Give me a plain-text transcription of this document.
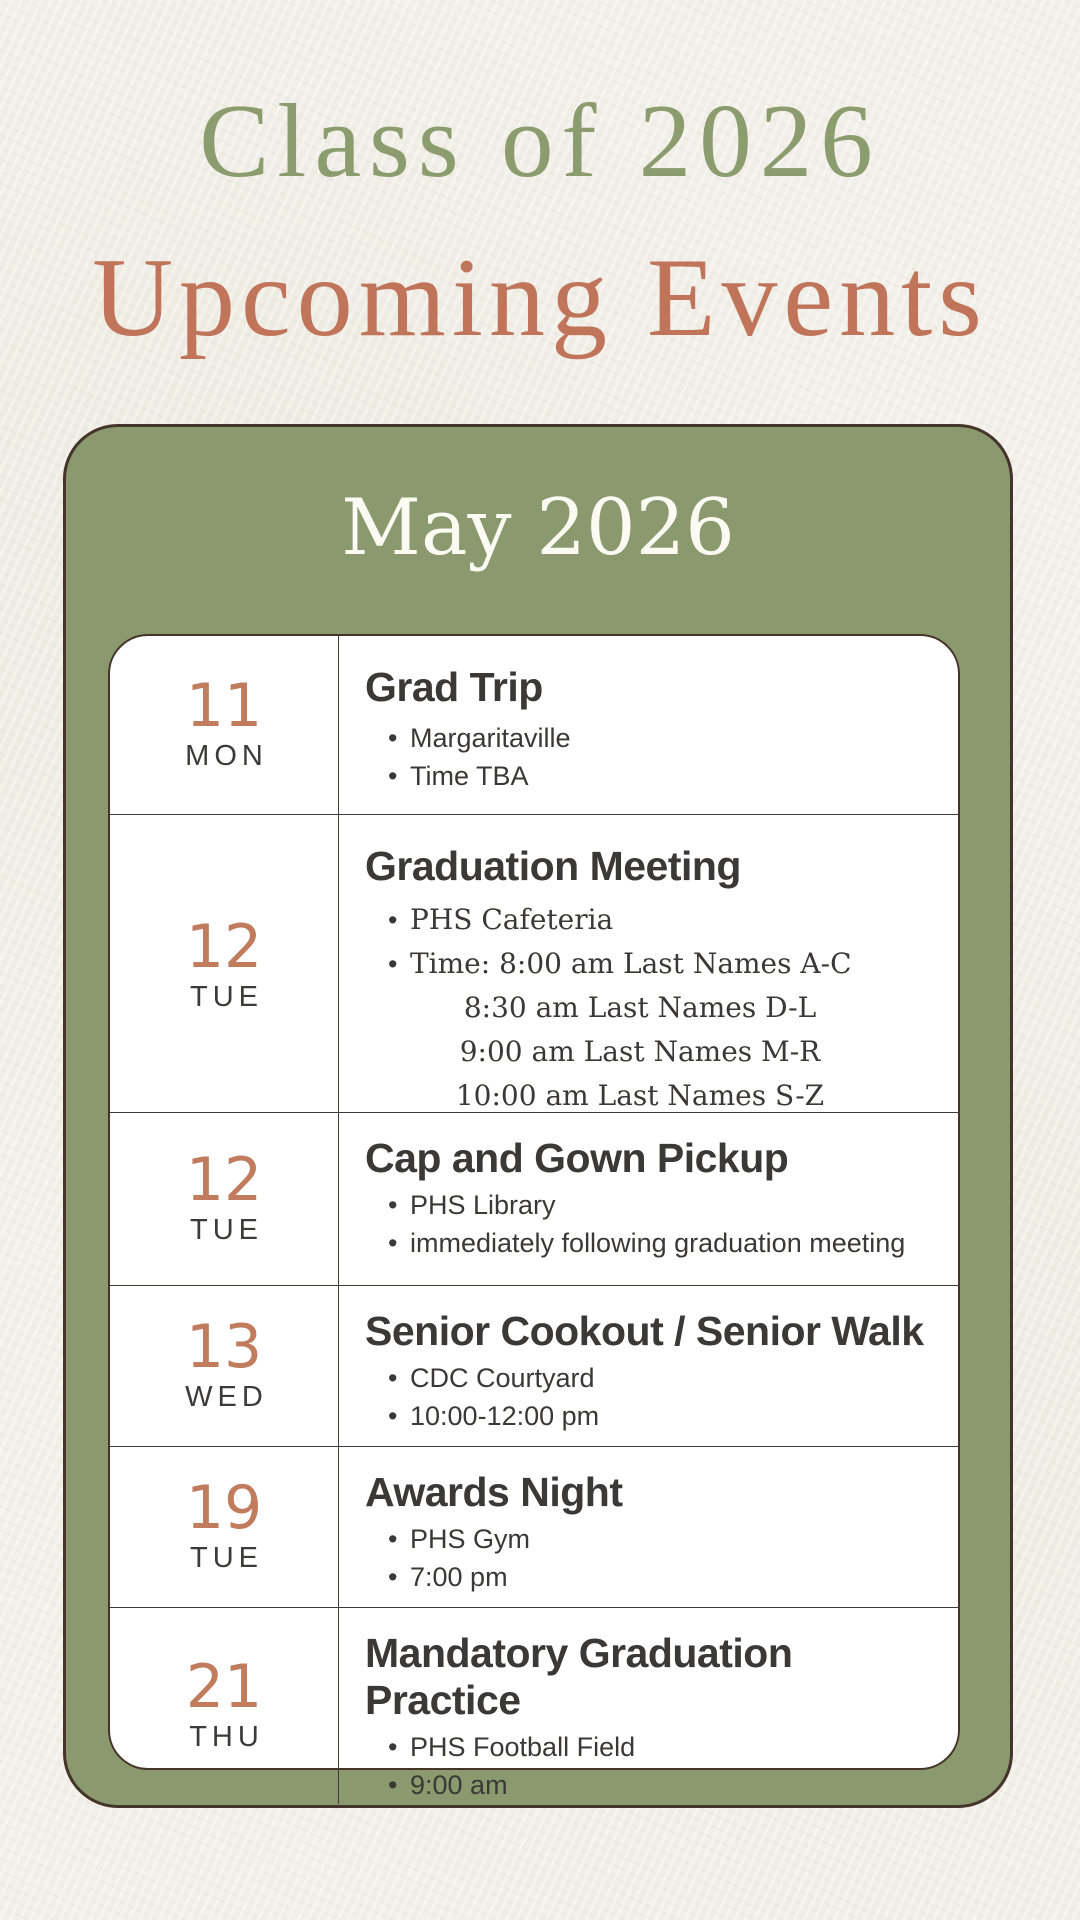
Class of 2026
Upcoming Events
May 2026
11
MON
Grad Trip
• Margaritaville
• Time TBA
12
TUE
Graduation Meeting
• PHS Cafeteria
• Time: 8:00 am Last Names A-C
8:30 am Last Names D-L
9:00 am Last Names M-R
10:00 am Last Names S-Z
12
TUE
Cap and Gown Pickup
• PHS Library
• immediately following graduation meeting
13
WED
Senior Cookout / Senior Walk
• CDC Courtyard
• 10:00-12:00 pm
19
TUE
Awards Night
• PHS Gym
• 7:00 pm
21
THU
Mandatory Graduation Practice
• PHS Football Field
• 9:00 am
